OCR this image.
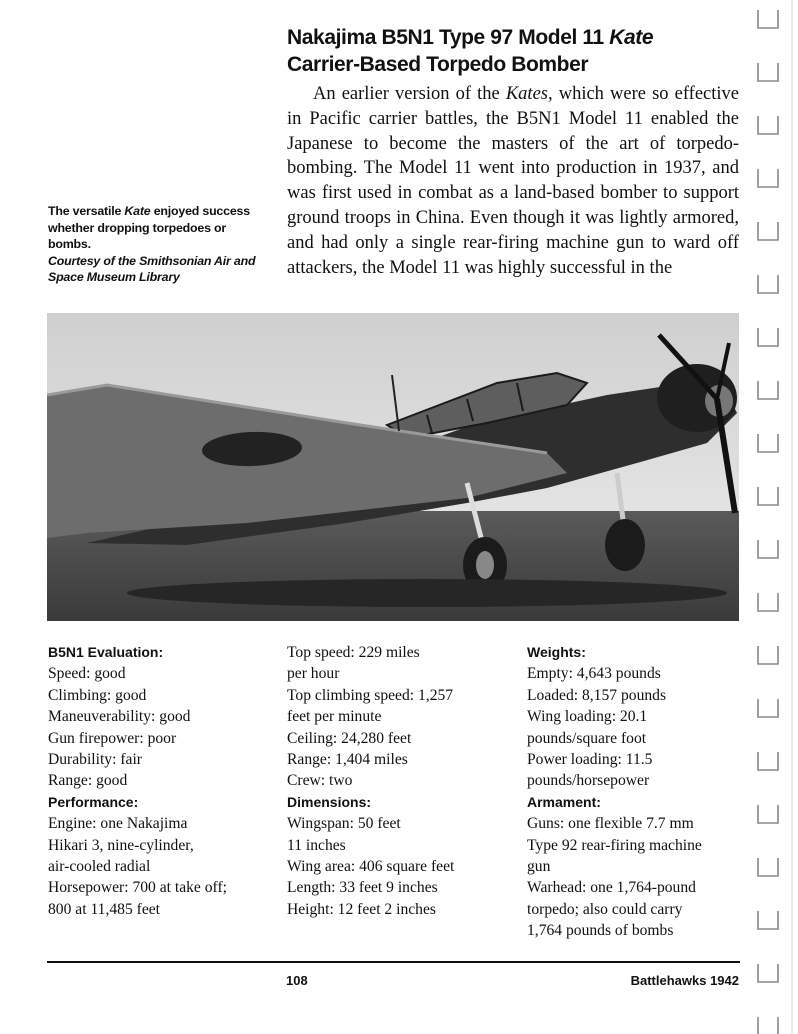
Nakajima B5N1 Type 97 Model 11 Kate
Carrier-Based Torpedo Bomber

An earlier version of the Kates, which were so effective in Pacific carrier battles, the B5N1 Model 11 enabled the Japanese to become the masters of the art of torpedo-bombing. The Model 11 went into production in 1937, and was first used in combat as a land-based bomber to support ground troops in China. Even though it was lightly armored, and had only a single rear-firing machine gun to ward off attackers, the Model 11 was highly successful in the

The versatile Kate enjoyed success whether dropping torpedoes or bombs.
Courtesy of the Smithsonian Air and Space Museum Library
B5N1 Evaluation:
Speed: good
Climbing: good
Maneuverability: good
Gun firepower: poor
Durability: fair
Range: good
Performance:
Engine: one Nakajima
Hikari 3, nine-cylinder,
air-cooled radial
Horsepower: 700 at take off;
800 at 11,485 feet
Top speed: 229 miles
per hour
Top climbing speed: 1,257
feet per minute
Ceiling: 24,280 feet
Range: 1,404 miles
Crew: two
Dimensions:
Wingspan: 50 feet
11 inches
Wing area: 406 square feet
Length: 33 feet 9 inches
Height: 12 feet 2 inches
Weights:
Empty: 4,643 pounds
Loaded: 8,157 pounds
Wing loading: 20.1
pounds/square foot
Power loading: 11.5
pounds/horsepower
Armament:
Guns: one flexible 7.7 mm
Type 92 rear-firing machine
gun
Warhead: one 1,764-pound
torpedo; also could carry
1,764 pounds of bombs
108	Battlehawks 1942
